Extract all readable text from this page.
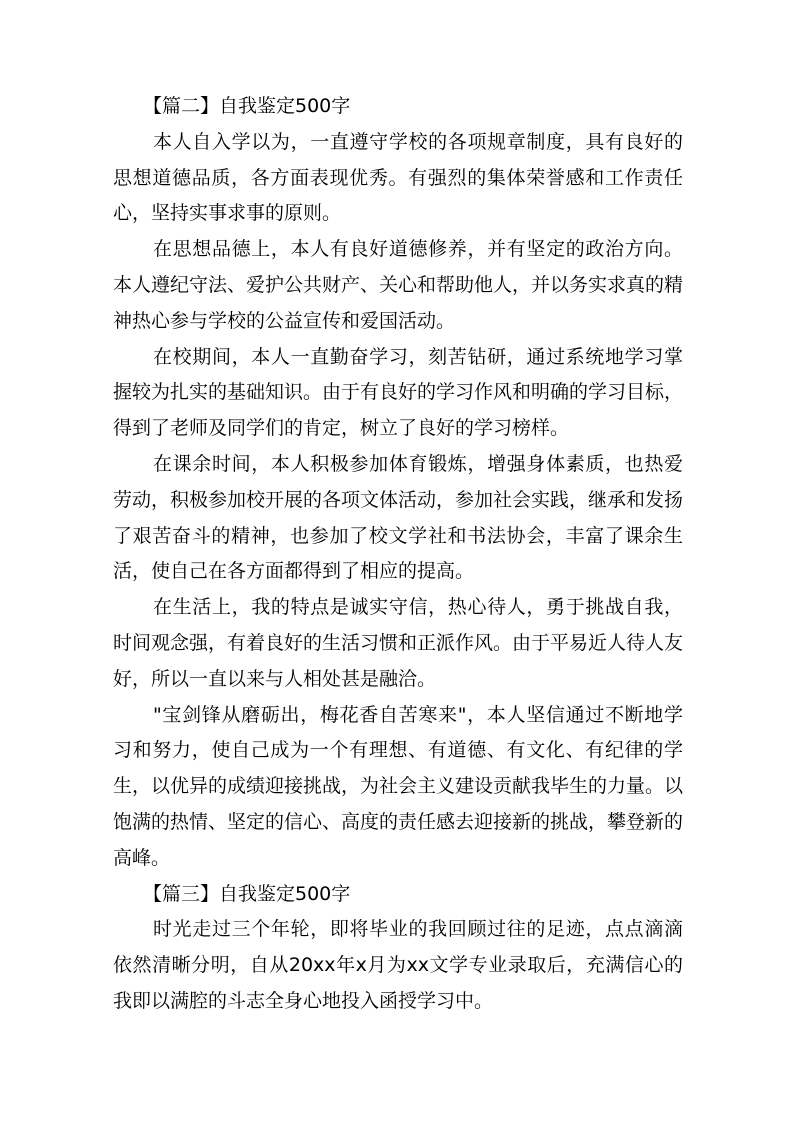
【篇二】自我鉴定500字

本人自入学以为，一直遵守学校的各项规章制度，具有良好的思想道德品质，各方面表现优秀。有强烈的集体荣誉感和工作责任心，坚持实事求事的原则。

在思想品德上，本人有良好道德修养，并有坚定的政治方向。本人遵纪守法、爱护公共财产、关心和帮助他人，并以务实求真的精神热心参与学校的公益宣传和爱国活动。

在校期间，本人一直勤奋学习，刻苦钻研，通过系统地学习掌握较为扎实的基础知识。由于有良好的学习作风和明确的学习目标，得到了老师及同学们的肯定，树立了良好的学习榜样。

在课余时间，本人积极参加体育锻炼，增强身体素质，也热爱劳动，积极参加校开展的各项文体活动，参加社会实践，继承和发扬了艰苦奋斗的精神，也参加了校文学社和书法协会，丰富了课余生活，使自己在各方面都得到了相应的提高。

在生活上，我的特点是诚实守信，热心待人，勇于挑战自我，时间观念强，有着良好的生活习惯和正派作风。由于平易近人待人友好，所以一直以来与人相处甚是融洽。

"宝剑锋从磨砺出，梅花香自苦寒来"，本人坚信通过不断地学习和努力，使自己成为一个有理想、有道德、有文化、有纪律的学生，以优异的成绩迎接挑战，为社会主义建设贡献我毕生的力量。以饱满的热情、坚定的信心、高度的责任感去迎接新的挑战，攀登新的高峰。

【篇三】自我鉴定500字

时光走过三个年轮，即将毕业的我回顾过往的足迹，点点滴滴依然清晰分明，自从20xx年x月为xx文学专业录取后，充满信心的我即以满腔的斗志全身心地投入函授学习中。
